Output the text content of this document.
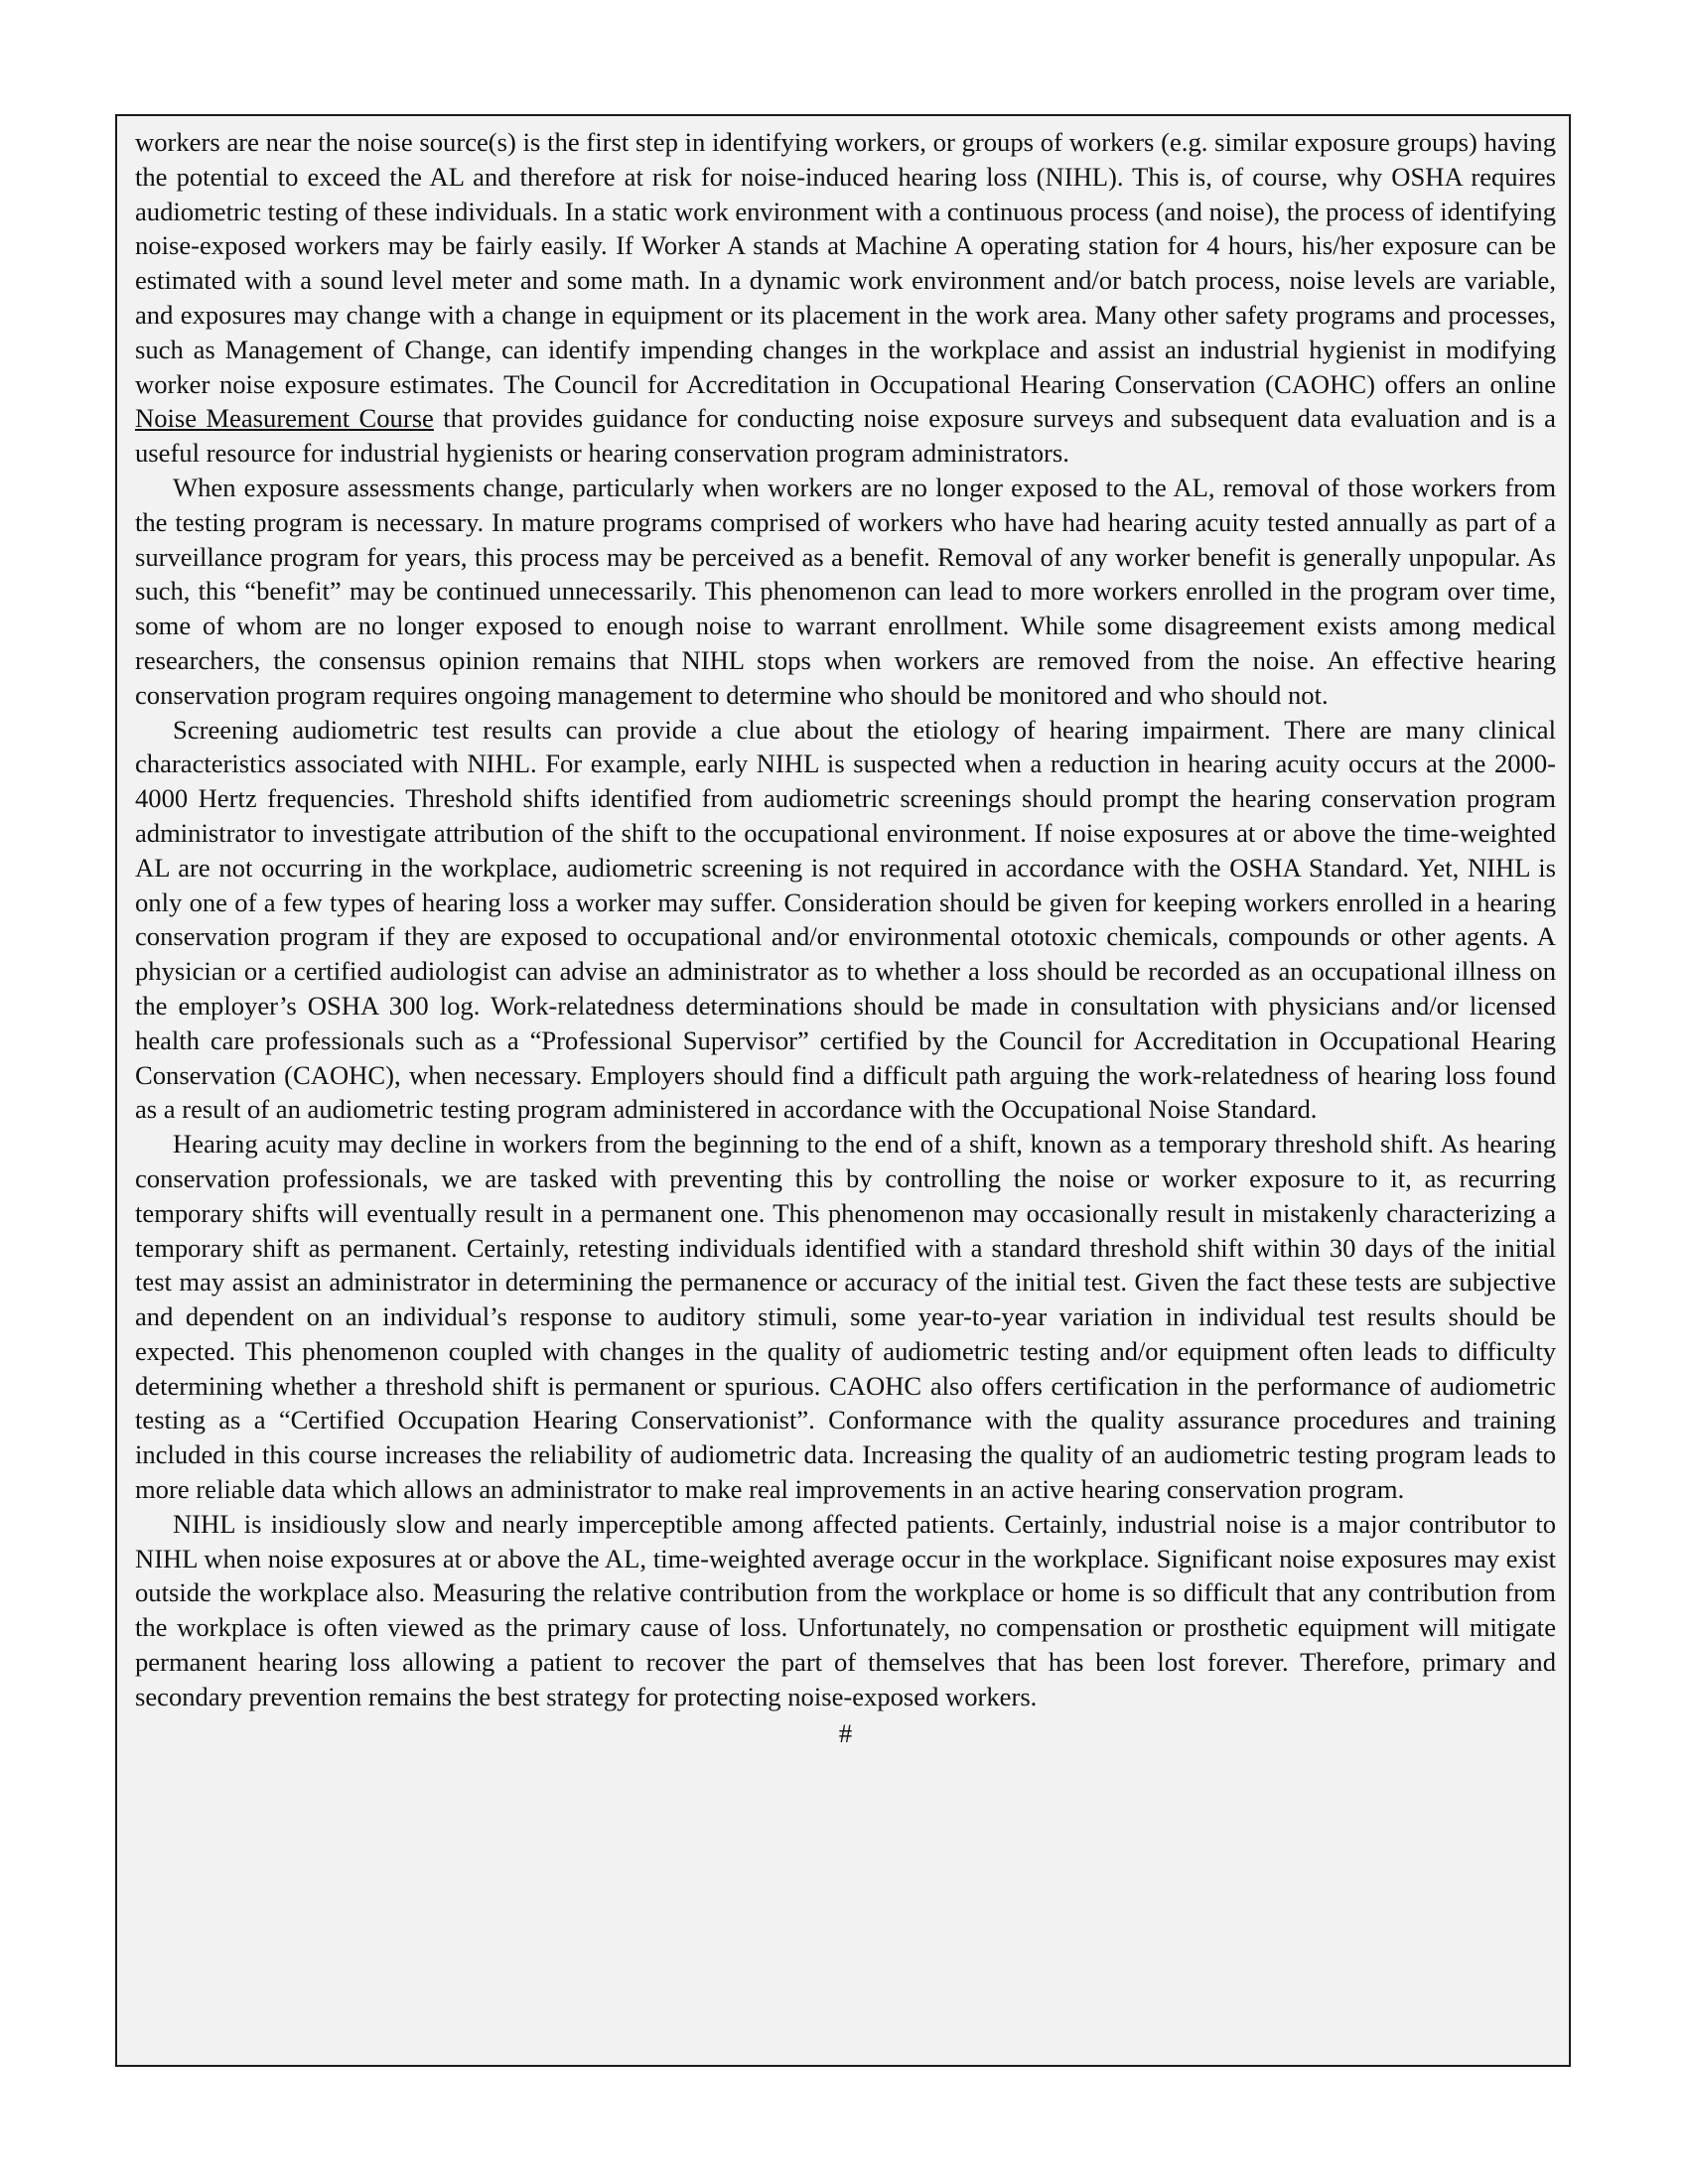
workers are near the noise source(s) is the first step in identifying workers, or groups of workers (e.g. similar exposure groups) having the potential to exceed the AL and therefore at risk for noise-induced hearing loss (NIHL). This is, of course, why OSHA requires audiometric testing of these individuals. In a static work environment with a continuous process (and noise), the process of identifying noise-exposed workers may be fairly easily. If Worker A stands at Machine A operating station for 4 hours, his/her exposure can be estimated with a sound level meter and some math. In a dynamic work environment and/or batch process, noise levels are variable, and exposures may change with a change in equipment or its placement in the work area. Many other safety programs and processes, such as Management of Change, can identify impending changes in the workplace and assist an industrial hygienist in modifying worker noise exposure estimates. The Council for Accreditation in Occupational Hearing Conservation (CAOHC) offers an online Noise Measurement Course that provides guidance for conducting noise exposure surveys and subsequent data evaluation and is a useful resource for industrial hygienists or hearing conservation program administrators.

When exposure assessments change, particularly when workers are no longer exposed to the AL, removal of those workers from the testing program is necessary. In mature programs comprised of workers who have had hearing acuity tested annually as part of a surveillance program for years, this process may be perceived as a benefit. Removal of any worker benefit is generally unpopular. As such, this “benefit” may be continued unnecessarily. This phenomenon can lead to more workers enrolled in the program over time, some of whom are no longer exposed to enough noise to warrant enrollment. While some disagreement exists among medical researchers, the consensus opinion remains that NIHL stops when workers are removed from the noise. An effective hearing conservation program requires ongoing management to determine who should be monitored and who should not.

Screening audiometric test results can provide a clue about the etiology of hearing impairment. There are many clinical characteristics associated with NIHL. For example, early NIHL is suspected when a reduction in hearing acuity occurs at the 2000-4000 Hertz frequencies. Threshold shifts identified from audiometric screenings should prompt the hearing conservation program administrator to investigate attribution of the shift to the occupational environment. If noise exposures at or above the time-weighted AL are not occurring in the workplace, audiometric screening is not required in accordance with the OSHA Standard. Yet, NIHL is only one of a few types of hearing loss a worker may suffer. Consideration should be given for keeping workers enrolled in a hearing conservation program if they are exposed to occupational and/or environmental ototoxic chemicals, compounds or other agents. A physician or a certified audiologist can advise an administrator as to whether a loss should be recorded as an occupational illness on the employer’s OSHA 300 log. Work-relatedness determinations should be made in consultation with physicians and/or licensed health care professionals such as a “Professional Supervisor” certified by the Council for Accreditation in Occupational Hearing Conservation (CAOHC), when necessary. Employers should find a difficult path arguing the work-relatedness of hearing loss found as a result of an audiometric testing program administered in accordance with the Occupational Noise Standard.

Hearing acuity may decline in workers from the beginning to the end of a shift, known as a temporary threshold shift. As hearing conservation professionals, we are tasked with preventing this by controlling the noise or worker exposure to it, as recurring temporary shifts will eventually result in a permanent one. This phenomenon may occasionally result in mistakenly characterizing a temporary shift as permanent. Certainly, retesting individuals identified with a standard threshold shift within 30 days of the initial test may assist an administrator in determining the permanence or accuracy of the initial test. Given the fact these tests are subjective and dependent on an individual’s response to auditory stimuli, some year-to-year variation in individual test results should be expected. This phenomenon coupled with changes in the quality of audiometric testing and/or equipment often leads to difficulty determining whether a threshold shift is permanent or spurious. CAOHC also offers certification in the performance of audiometric testing as a “Certified Occupation Hearing Conservationist”. Conformance with the quality assurance procedures and training included in this course increases the reliability of audiometric data. Increasing the quality of an audiometric testing program leads to more reliable data which allows an administrator to make real improvements in an active hearing conservation program.

NIHL is insidiously slow and nearly imperceptible among affected patients. Certainly, industrial noise is a major contributor to NIHL when noise exposures at or above the AL, time-weighted average occur in the workplace. Significant noise exposures may exist outside the workplace also. Measuring the relative contribution from the workplace or home is so difficult that any contribution from the workplace is often viewed as the primary cause of loss. Unfortunately, no compensation or prosthetic equipment will mitigate permanent hearing loss allowing a patient to recover the part of themselves that has been lost forever. Therefore, primary and secondary prevention remains the best strategy for protecting noise-exposed workers.

#
